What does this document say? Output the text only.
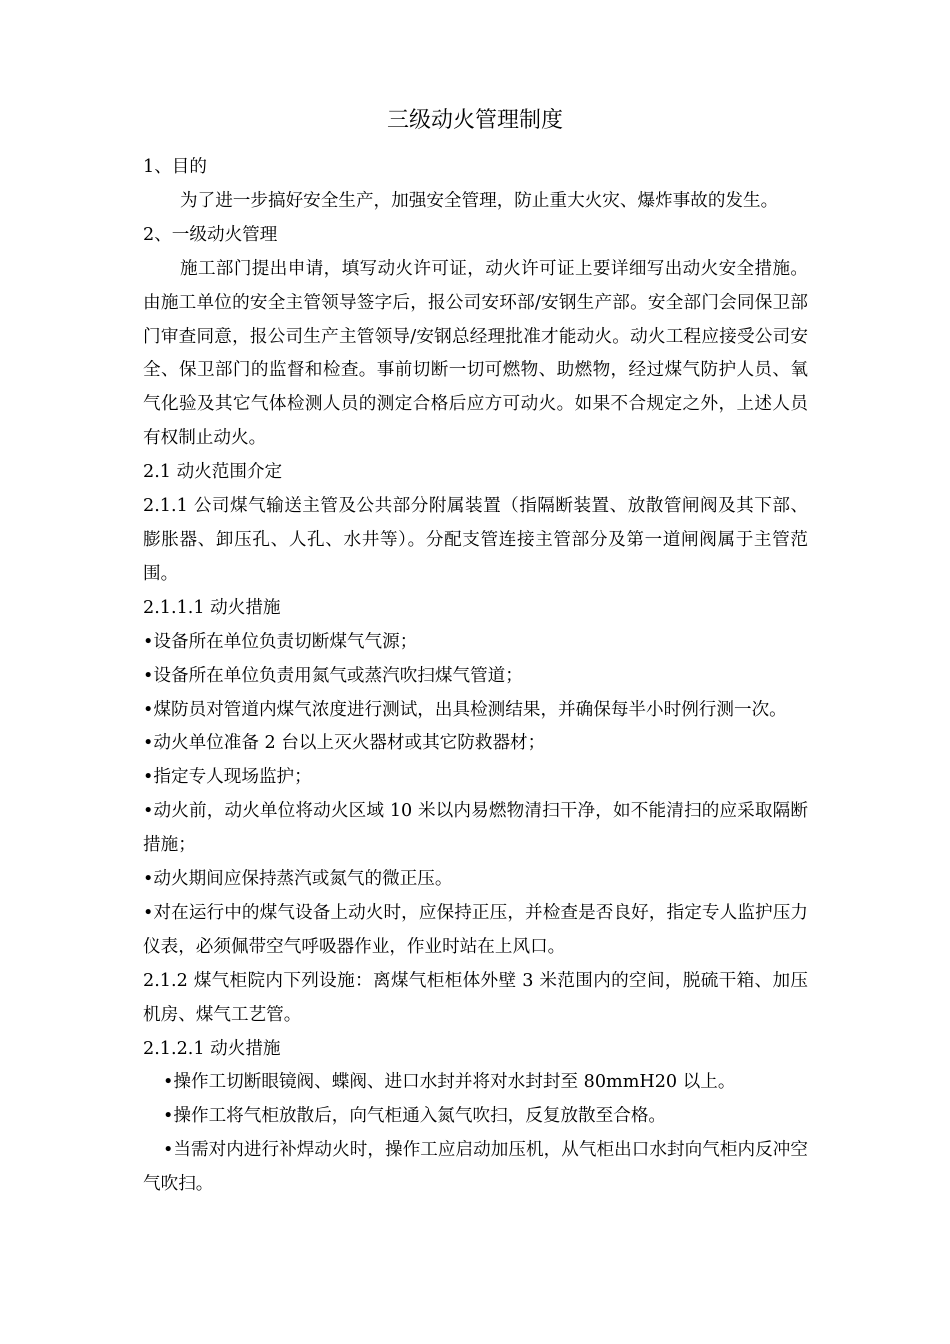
三级动火管理制度

1、目的

为了进一步搞好安全生产，加强安全管理，防止重大火灾、爆炸事故的发生。

2、一级动火管理

施工部门提出申请，填写动火许可证，动火许可证上要详细写出动火安全措施。由施工单位的安全主管领导签字后，报公司安环部/安钢生产部。安全部门会同保卫部门审查同意，报公司生产主管领导/安钢总经理批准才能动火。动火工程应接受公司安全、保卫部门的监督和检查。事前切断一切可燃物、助燃物，经过煤气防护人员、氧气化验及其它气体检测人员的测定合格后应方可动火。如果不合规定之外，上述人员有权制止动火。

2.1 动火范围介定

2.1.1 公司煤气输送主管及公共部分附属装置（指隔断装置、放散管闸阀及其下部、膨胀器、卸压孔、人孔、水井等）。分配支管连接主管部分及第一道闸阀属于主管范围。

2.1.1.1 动火措施

•设备所在单位负责切断煤气气源；

•设备所在单位负责用氮气或蒸汽吹扫煤气管道；

•煤防员对管道内煤气浓度进行测试，出具检测结果，并确保每半小时例行测一次。

•动火单位准备 2 台以上灭火器材或其它防救器材；

•指定专人现场监护；

•动火前，动火单位将动火区域 10 米以内易燃物清扫干净，如不能清扫的应采取隔断措施；

•动火期间应保持蒸汽或氮气的微正压。

•对在运行中的煤气设备上动火时，应保持正压，并检查是否良好，指定专人监护压力仪表，必须佩带空气呼吸器作业，作业时站在上风口。

2.1.2 煤气柜院内下列设施：离煤气柜柜体外壁 3 米范围内的空间，脱硫干箱、加压机房、煤气工艺管。

2.1.2.1 动火措施

•操作工切断眼镜阀、蝶阀、进口水封并将对水封封至 80mmH20 以上。

•操作工将气柜放散后，向气柜通入氮气吹扫，反复放散至合格。

•当需对内进行补焊动火时，操作工应启动加压机，从气柜出口水封向气柜内反冲空气吹扫。
